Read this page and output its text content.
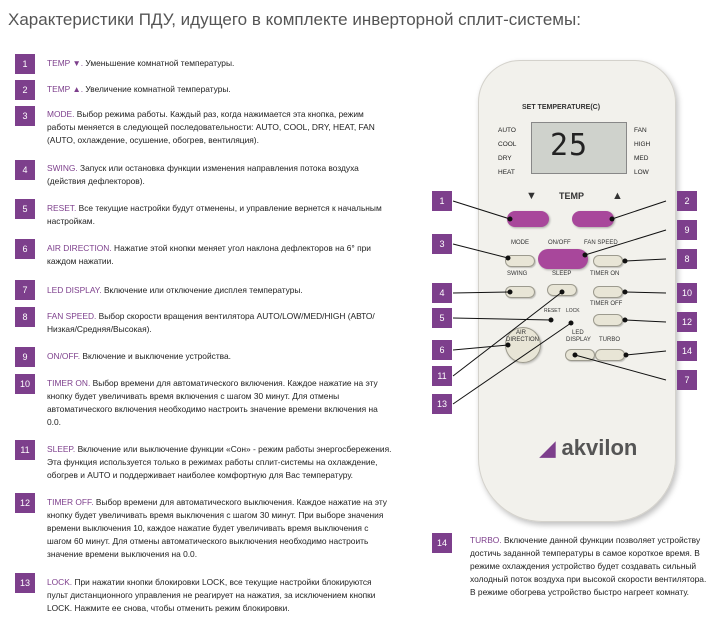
Характеристики ПДУ, идущего в комплекте инверторной сплит-системы:
1	TEMP ▼. Уменьшение комнатной температуры.
2	TEMP ▲. Увеличение комнатной температуры.
3	MODE. Выбор режима работы. Каждый раз, когда нажимается эта кнопка, режим работы меняется в следующей последовательности: AUTO, COOL, DRY, HEAT, FAN (AUTO, охлаждение, осушение, обогрев, вентиляция).
4	SWING. Запуск или остановка функции изменения направления потока воздуха (действия дефлекторов).
5	RESET. Все текущие настройки будут отменены, и управление вернется к начальным настройкам.
6	AIR DIRECTION. Нажатие этой кнопки меняет угол наклона дефлекторов на 6° при каждом нажатии.
7	LED DISPLAY. Включение или отключение дисплея температуры.
8	FAN SPEED. Выбор скорости вращения вентилятора AUTO/LOW/MED/HIGH (АВТО/Низкая/Средняя/Высокая).
9	ON/OFF. Включение и выключение устройства.
10	TIMER ON. Выбор времени для автоматического включения. Каждое нажатие на эту кнопку будет увеличивать время включения с шагом 30 минут. Для отмены автоматического включения необходимо настроить значение времени включения на 0.0.
11	SLEEP. Включение или выключение функции «Сон» - режим работы энергосбережения. Эта функция используется только в режимах работы сплит-системы на охлаждение, обогрев и AUTO и поддерживает наиболее комфортную для Вас температуру.
12	TIMER OFF. Выбор времени для автоматического выключения. Каждое нажатие на эту кнопку будет увеличивать время выключения с шагом 30 минут. При выборе значения времени выключения 10, каждое нажатие будет увеличивать время выключения с шагом 60 минут. Для отмены автоматического выключения необходимо настроить значение времени выключения на 0.0.
13	LOCK. При нажатии кнопки блокировки LOCK, все текущие настройки блокируются пульт дистанционного управления не реагирует на нажатия, за исключением кнопки LOCK. Нажмите ее снова, чтобы отменить режим блокировки.
14	TURBO. Включение данной функции позволяет устройству достичь заданной температуры в самое короткое время. В режиме охлаждения устройство будет создавать сильный холодный поток воздуха при высокой скорости вентилятора. В режиме обогрева устройство быстро нагреет комнату.
SET TEMPERATURE(C)
25
AUTO
COOL
DRY
HEAT
FAN
HIGH
MED
LOW
▼ TEMP	▲
MODE	ON/OFF FAN SPEED
SWING	SLEEP	TIMER ON
TIMER OFF
RESET LOCK
AIR
DIRECTION
LED
DISPLAY TURBO
◢ akvilon
1	2
3
9
4	10
5
8
6	14
11
12
7
13
